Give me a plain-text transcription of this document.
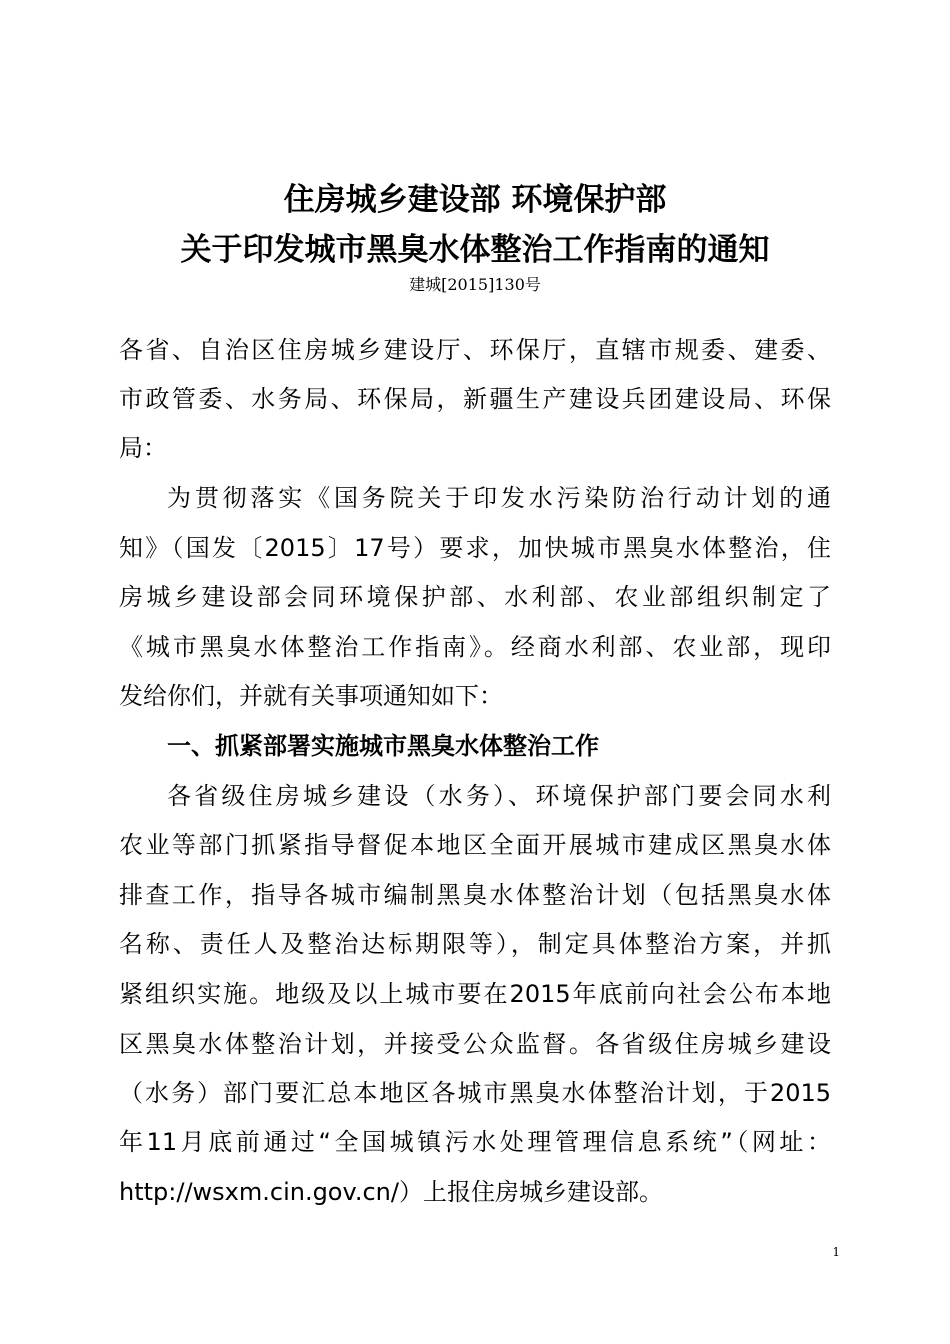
住房城乡建设部 环境保护部
关于印发城市黑臭水体整治工作指南的通知
建城[2015]130号
各省、自治区住房城乡建设厅、环保厅，直辖市规委、建委、
市政管委、水务局、环保局，新疆生产建设兵团建设局、环保
局：
为贯彻落实《国务院关于印发水污染防治行动计划的通
知》（国发〔2015〕17号）要求，加快城市黑臭水体整治，住
房城乡建设部会同环境保护部、水利部、农业部组织制定了
《城市黑臭水体整治工作指南》。经商水利部、农业部，现印
发给你们，并就有关事项通知如下：
一、抓紧部署实施城市黑臭水体整治工作
各省级住房城乡建设（水务）、环境保护部门要会同水利
农业等部门抓紧指导督促本地区全面开展城市建成区黑臭水体
排查工作，指导各城市编制黑臭水体整治计划（包括黑臭水体
名称、责任人及整治达标期限等），制定具体整治方案，并抓
紧组织实施。地级及以上城市要在2015年底前向社会公布本地
区黑臭水体整治计划，并接受公众监督。各省级住房城乡建设
（水务）部门要汇总本地区各城市黑臭水体整治计划，于2015
年11月底前通过“全国城镇污水处理管理信息系统”（网址：
http://wsxm.cin.gov.cn/）上报住房城乡建设部。
1
